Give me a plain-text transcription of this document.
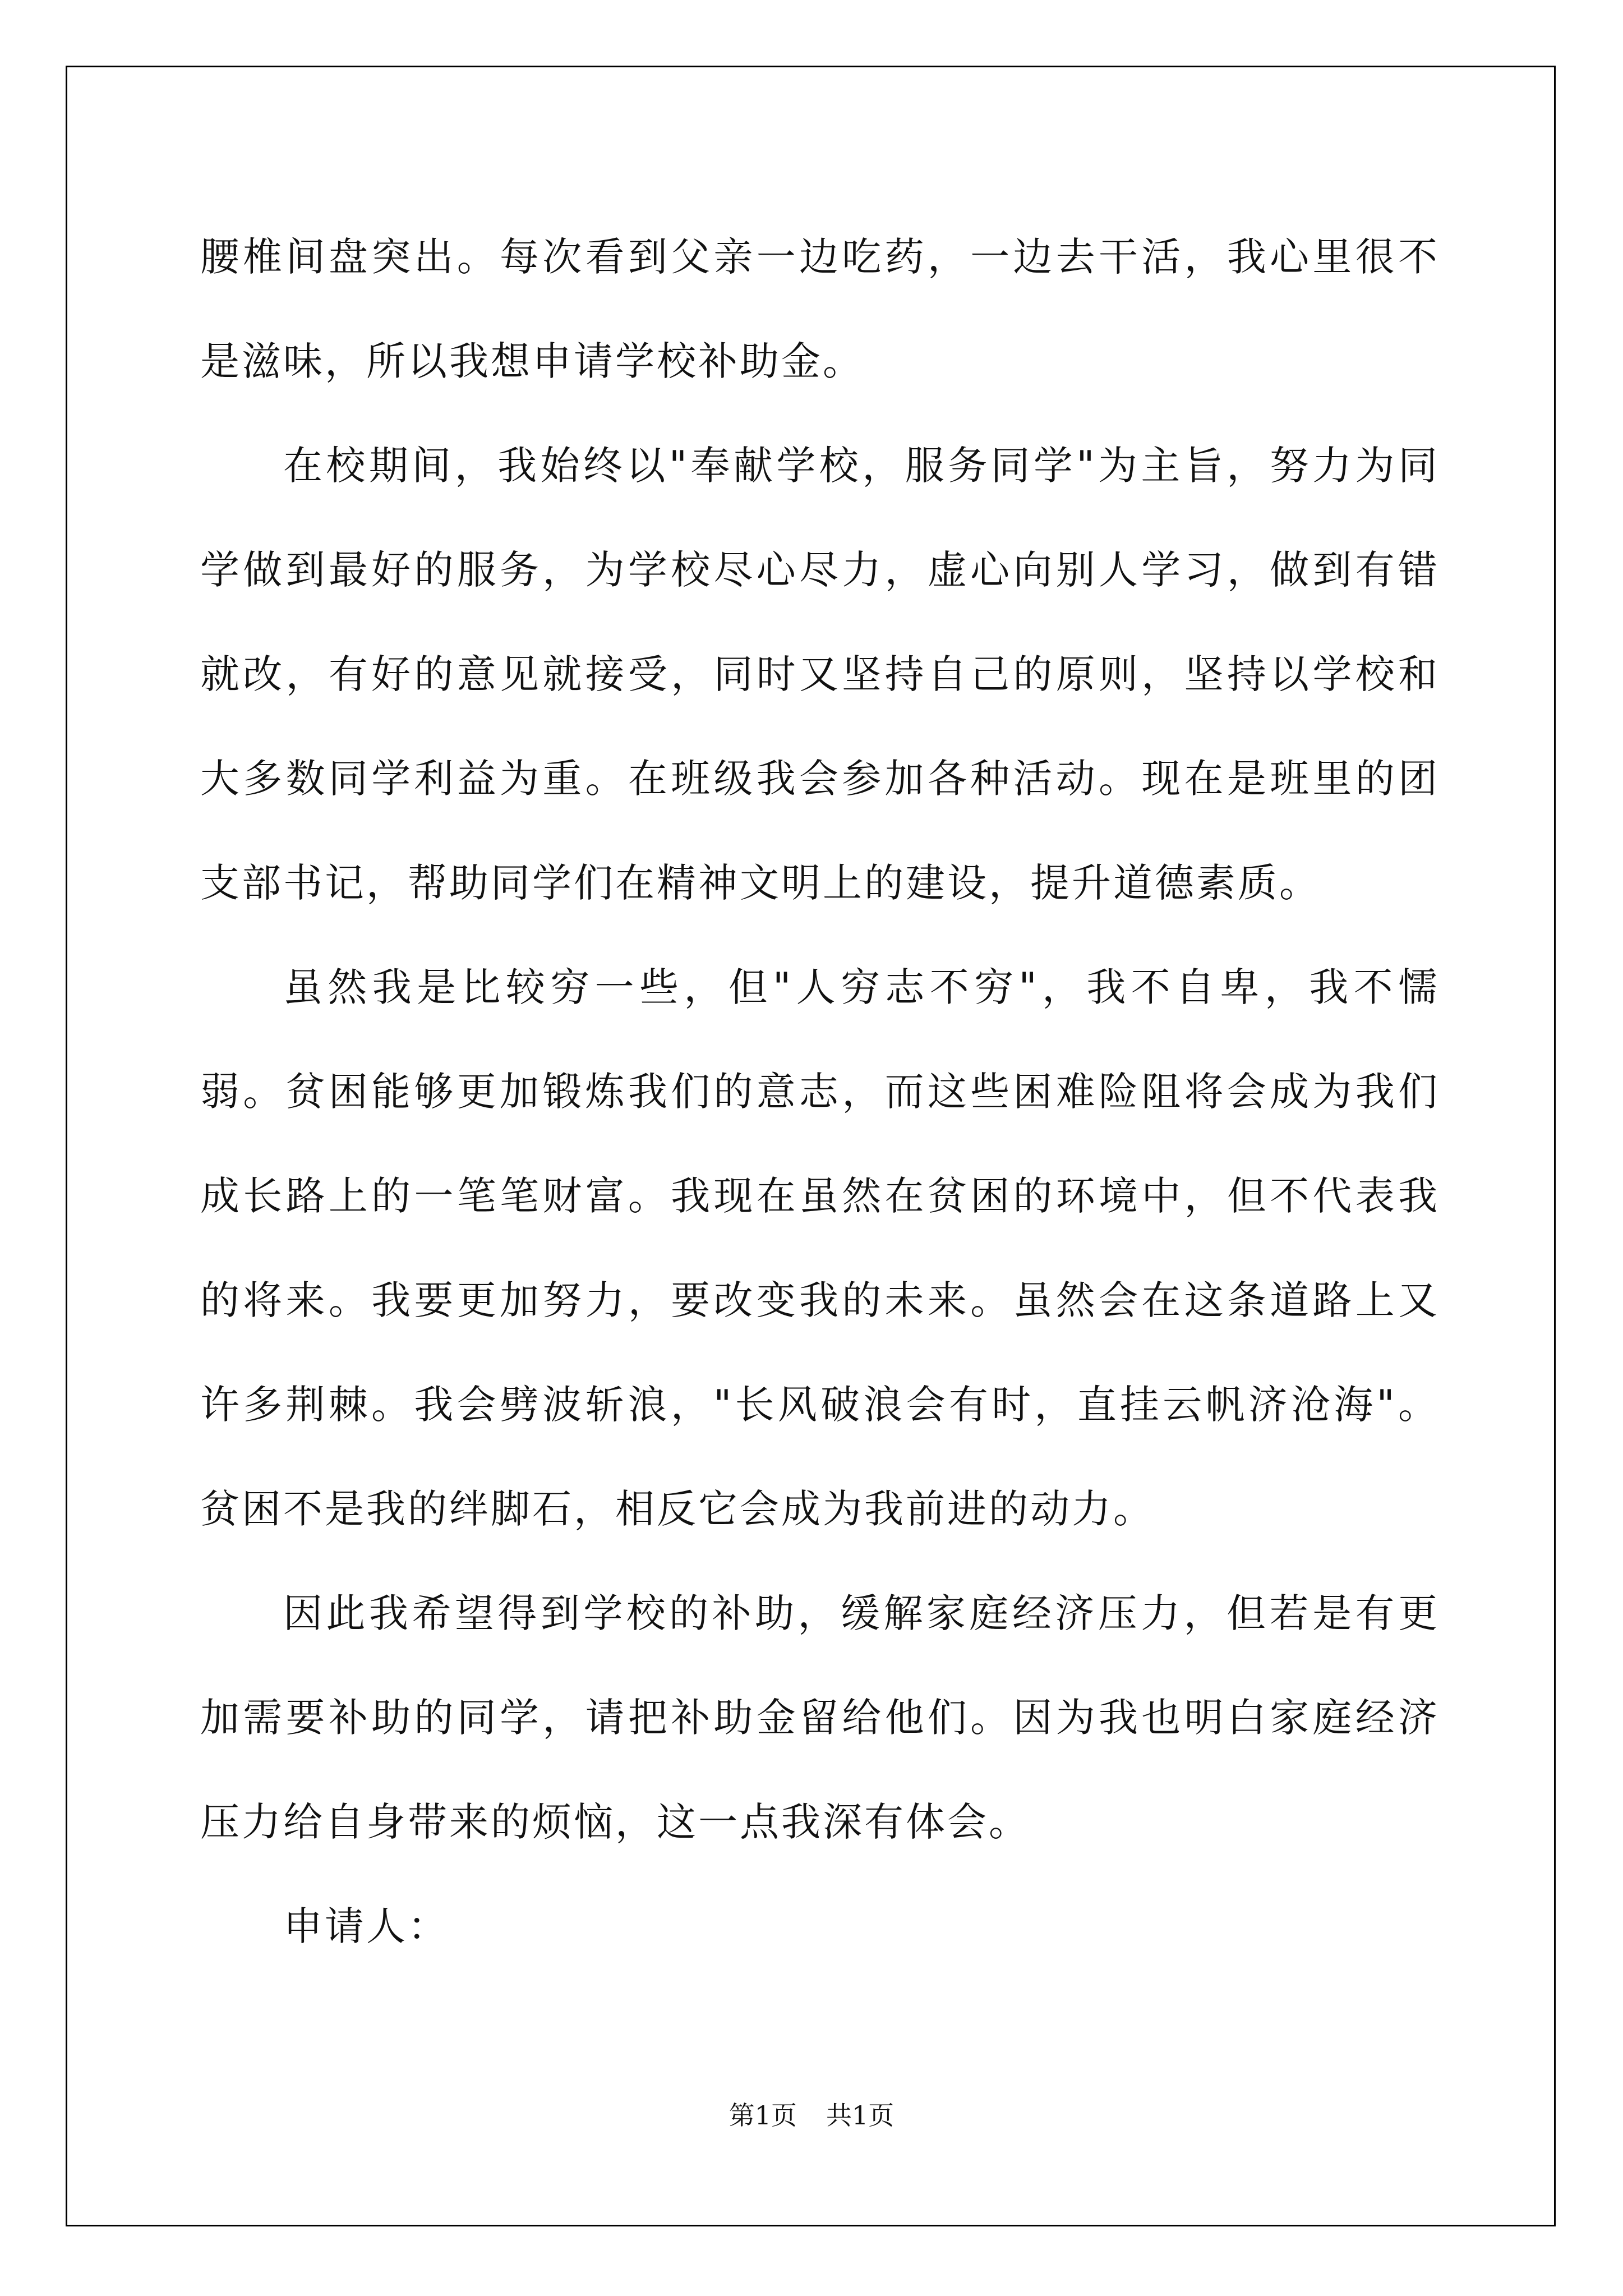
腰椎间盘突出。每次看到父亲一边吃药，一边去干活，我心里很不是滋味，所以我想申请学校补助金。

在校期间，我始终以"奉献学校，服务同学"为主旨，努力为同学做到最好的服务，为学校尽心尽力，虚心向别人学习，做到有错就改，有好的意见就接受，同时又坚持自己的原则，坚持以学校和大多数同学利益为重。在班级我会参加各种活动。现在是班里的团支部书记，帮助同学们在精神文明上的建设，提升道德素质。

虽然我是比较穷一些，但"人穷志不穷"，我不自卑，我不懦弱。贫困能够更加锻炼我们的意志，而这些困难险阻将会成为我们成长路上的一笔笔财富。我现在虽然在贫困的环境中，但不代表我的将来。我要更加努力，要改变我的未来。虽然会在这条道路上又许多荆棘。我会劈波斩浪，"长风破浪会有时，直挂云帆济沧海"。贫困不是我的绊脚石，相反它会成为我前进的动力。

因此我希望得到学校的补助，缓解家庭经济压力，但若是有更加需要补助的同学，请把补助金留给他们。因为我也明白家庭经济压力给自身带来的烦恼，这一点我深有体会。

申请人：

第1页 共1页
